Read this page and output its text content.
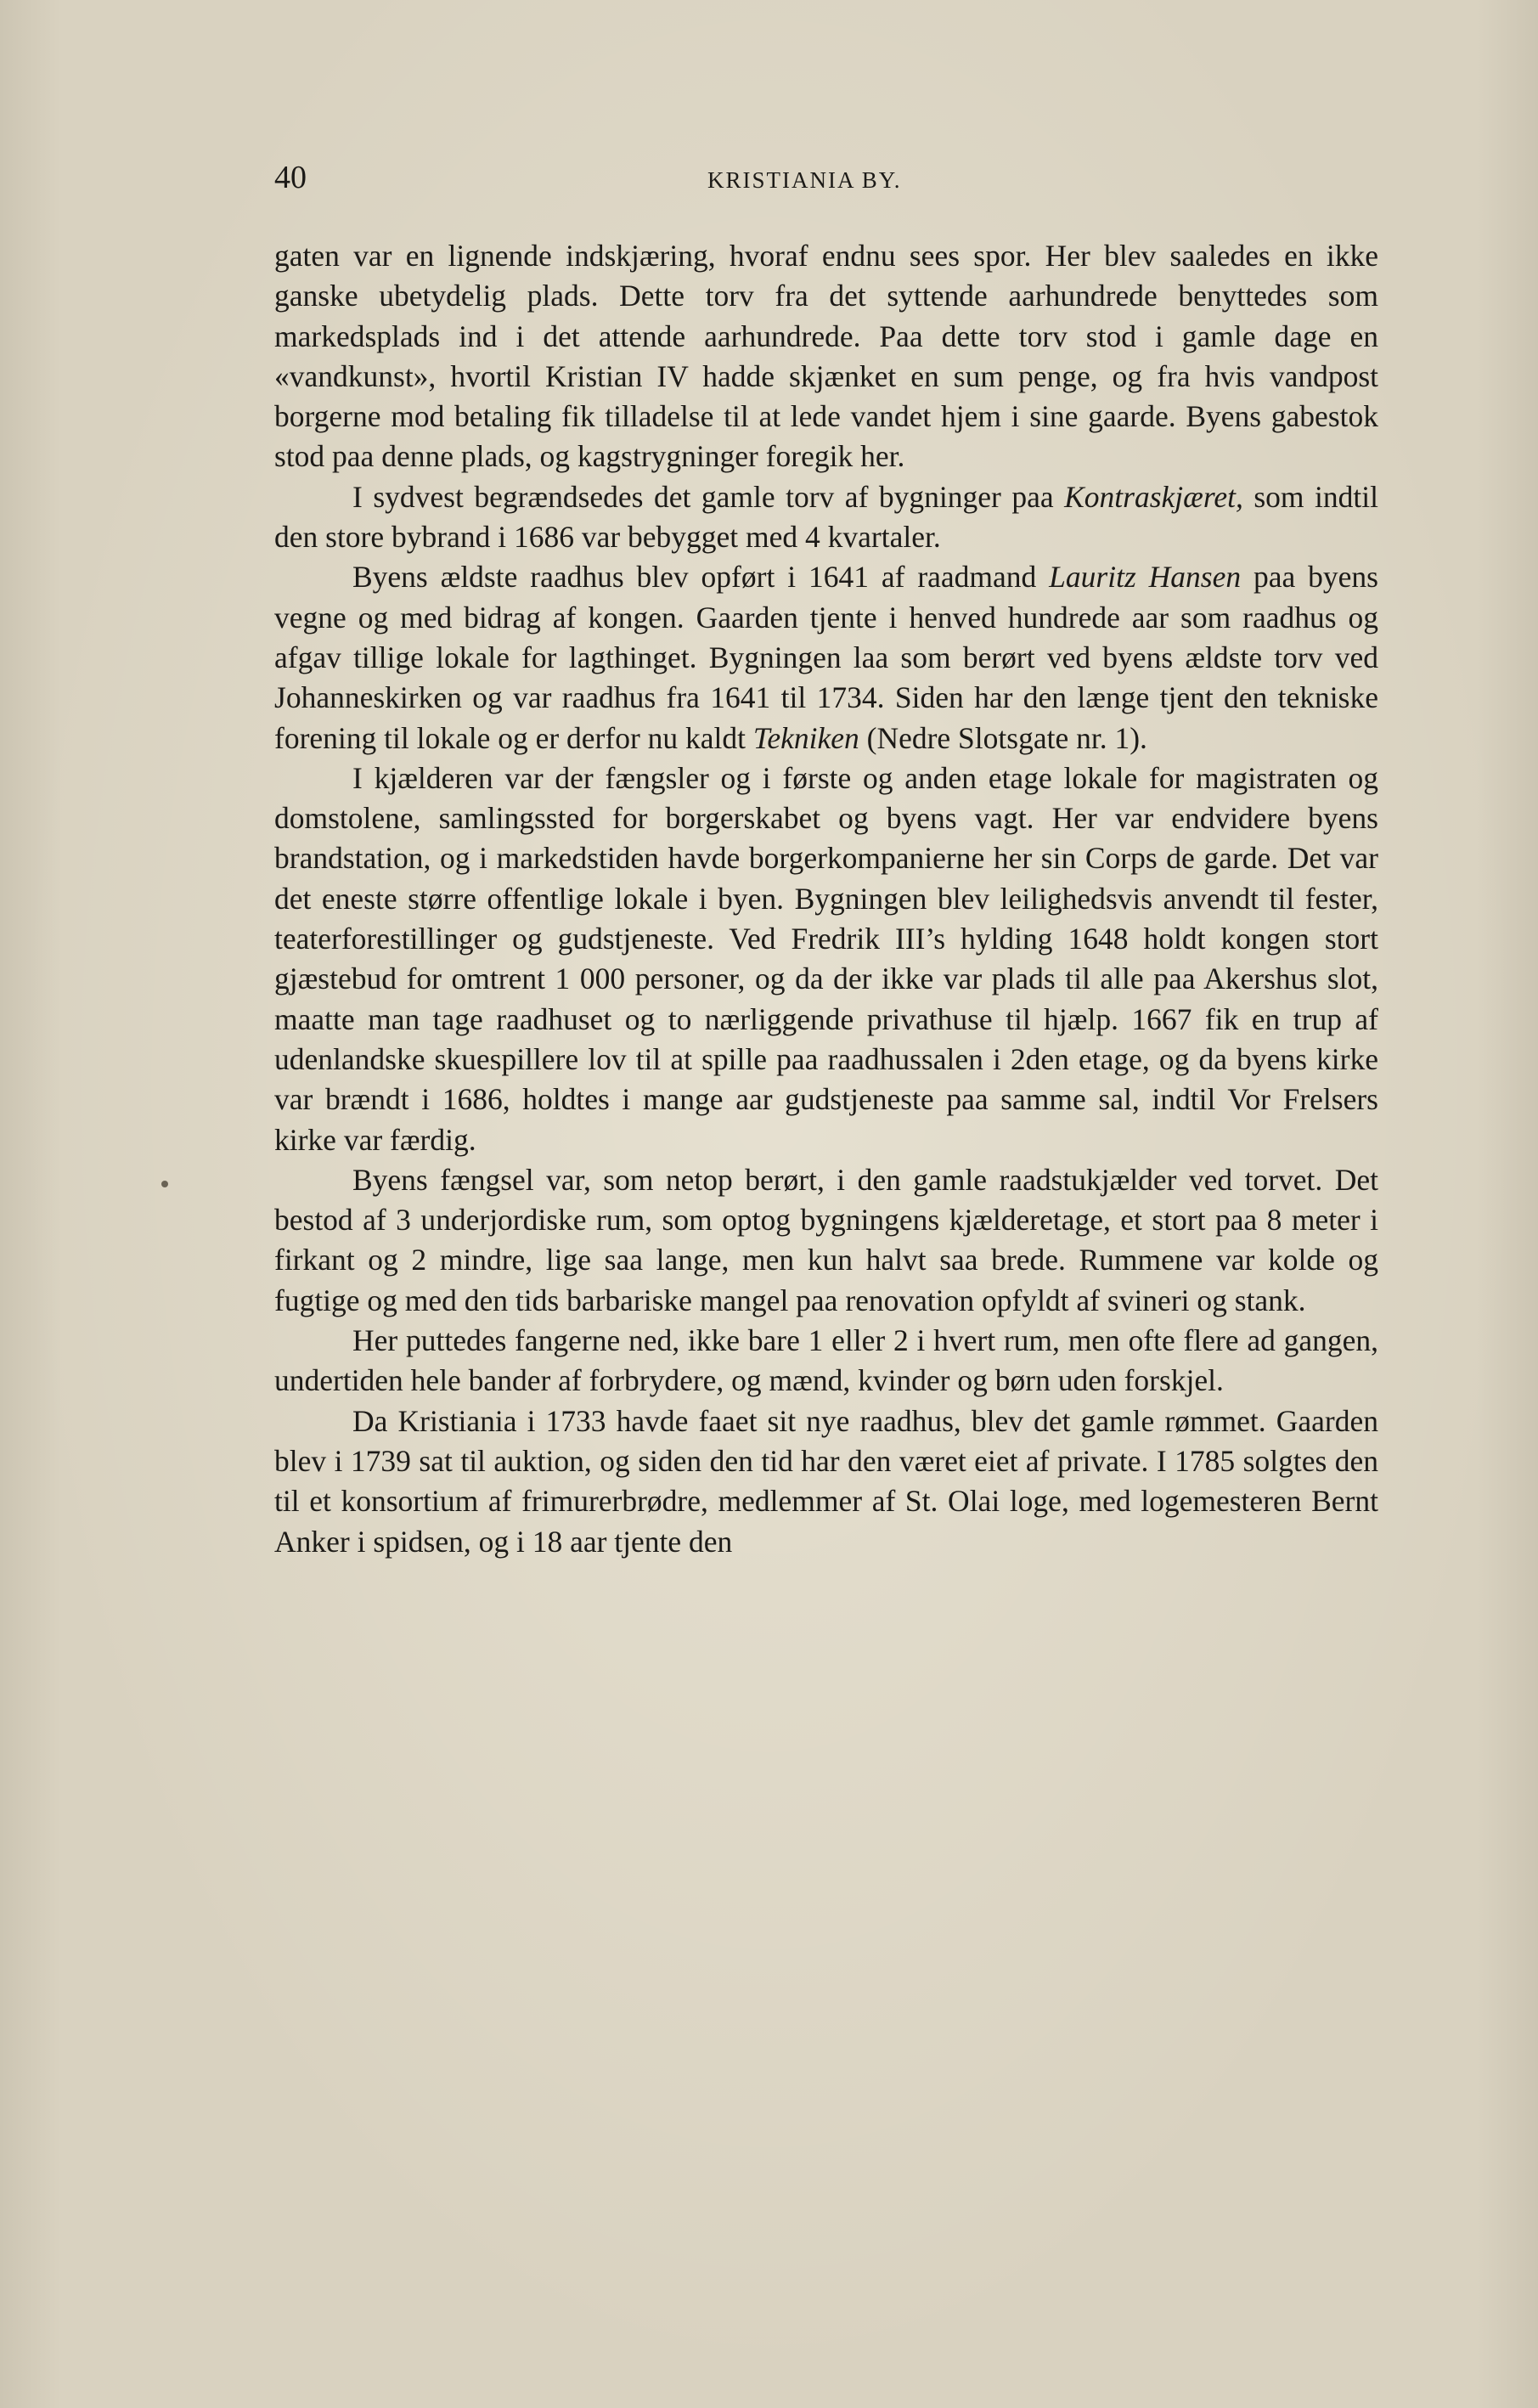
40	KRISTIANIA BY.

gaten var en lignende indskjæring, hvoraf endnu sees spor. Her blev saaledes en ikke ganske ubetydelig plads. Dette torv fra det syttende aarhundrede benyttedes som markedsplads ind i det attende aarhundrede. Paa dette torv stod i gamle dage en «vandkunst», hvortil Kristian IV hadde skjænket en sum penge, og fra hvis vandpost borgerne mod betaling fik tilladelse til at lede vandet hjem i sine gaarde. Byens gabestok stod paa denne plads, og kagstrygninger foregik her.

I sydvest begrændsedes det gamle torv af bygninger paa Kontraskjæret, som indtil den store bybrand i 1686 var bebygget med 4 kvartaler.

Byens ældste raadhus blev opført i 1641 af raadmand Lauritz Hansen paa byens vegne og med bidrag af kongen. Gaarden tjente i henved hundrede aar som raadhus og afgav tillige lokale for lagthinget. Bygningen laa som berørt ved byens ældste torv ved Johanneskirken og var raadhus fra 1641 til 1734. Siden har den længe tjent den tekniske forening til lokale og er derfor nu kaldt Tekniken (Nedre Slotsgate nr. 1).

I kjælderen var der fængsler og i første og anden etage lokale for magistraten og domstolene, samlingssted for borgerskabet og byens vagt. Her var endvidere byens brandstation, og i markedstiden havde borgerkompanierne her sin Corps de garde. Det var det eneste større offentlige lokale i byen. Bygningen blev leilighedsvis anvendt til fester, teaterforestillinger og gudstjeneste. Ved Fredrik III’s hylding 1648 holdt kongen stort gjæstebud for omtrent 1 000 personer, og da der ikke var plads til alle paa Akershus slot, maatte man tage raadhuset og to nærliggende privathuse til hjælp. 1667 fik en trup af udenlandske skuespillere lov til at spille paa raadhussalen i 2den etage, og da byens kirke var brændt i 1686, holdtes i mange aar gudstjeneste paa samme sal, indtil Vor Frelsers kirke var færdig.

Byens fængsel var, som netop berørt, i den gamle raadstukjælder ved torvet. Det bestod af 3 underjordiske rum, som optog bygningens kjælderetage, et stort paa 8 meter i firkant og 2 mindre, lige saa lange, men kun halvt saa brede. Rummene var kolde og fugtige og med den tids barbariske mangel paa renovation opfyldt af svineri og stank.

Her puttedes fangerne ned, ikke bare 1 eller 2 i hvert rum, men ofte flere ad gangen, undertiden hele bander af forbrydere, og mænd, kvinder og børn uden forskjel.

Da Kristiania i 1733 havde faaet sit nye raadhus, blev det gamle rømmet. Gaarden blev i 1739 sat til auktion, og siden den tid har den været eiet af private. I 1785 solgtes den til et konsortium af frimurerbrødre, medlemmer af St. Olai loge, med logemesteren Bernt Anker i spidsen, og i 18 aar tjente den
